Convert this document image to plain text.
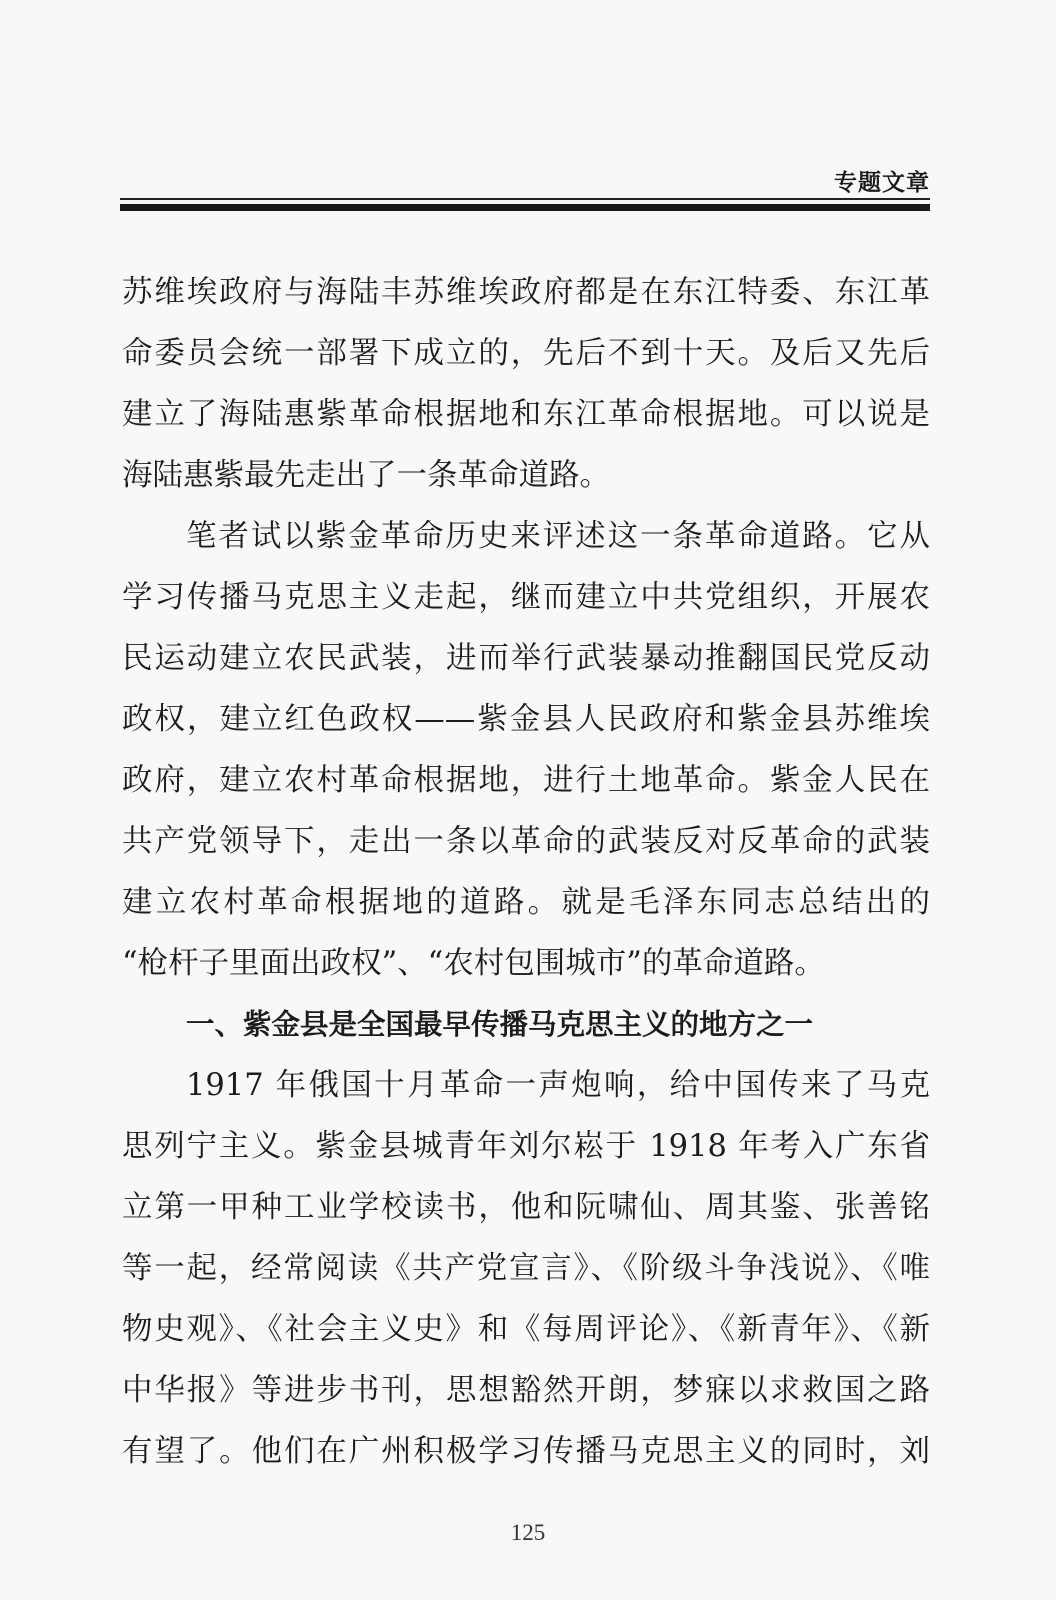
专题文章
苏维埃政府与海陆丰苏维埃政府都是在东江特委、东江革
命委员会统一部署下成立的，先后不到十天。及后又先后
建立了海陆惠紫革命根据地和东江革命根据地。可以说是
海陆惠紫最先走出了一条革命道路。
笔者试以紫金革命历史来评述这一条革命道路。它从
学习传播马克思主义走起，继而建立中共党组织，开展农
民运动建立农民武装，进而举行武装暴动推翻国民党反动
政权，建立红色政权——紫金县人民政府和紫金县苏维埃
政府，建立农村革命根据地，进行土地革命。紫金人民在
共产党领导下，走出一条以革命的武装反对反革命的武装
建立农村革命根据地的道路。就是毛泽东同志总结出的
“枪杆子里面出政权”、“农村包围城市”的革命道路。
一、紫金县是全国最早传播马克思主义的地方之一
1917 年俄国十月革命一声炮响，给中国传来了马克
思列宁主义。紫金县城青年刘尔崧于 1918 年考入广东省
立第一甲种工业学校读书，他和阮啸仙、周其鉴、张善铭
等一起，经常阅读《共产党宣言》、《阶级斗争浅说》、《唯
物史观》、《社会主义史》和《每周评论》、《新青年》、《新
中华报》等进步书刊，思想豁然开朗，梦寐以求救国之路
有望了。他们在广州积极学习传播马克思主义的同时，刘
125
